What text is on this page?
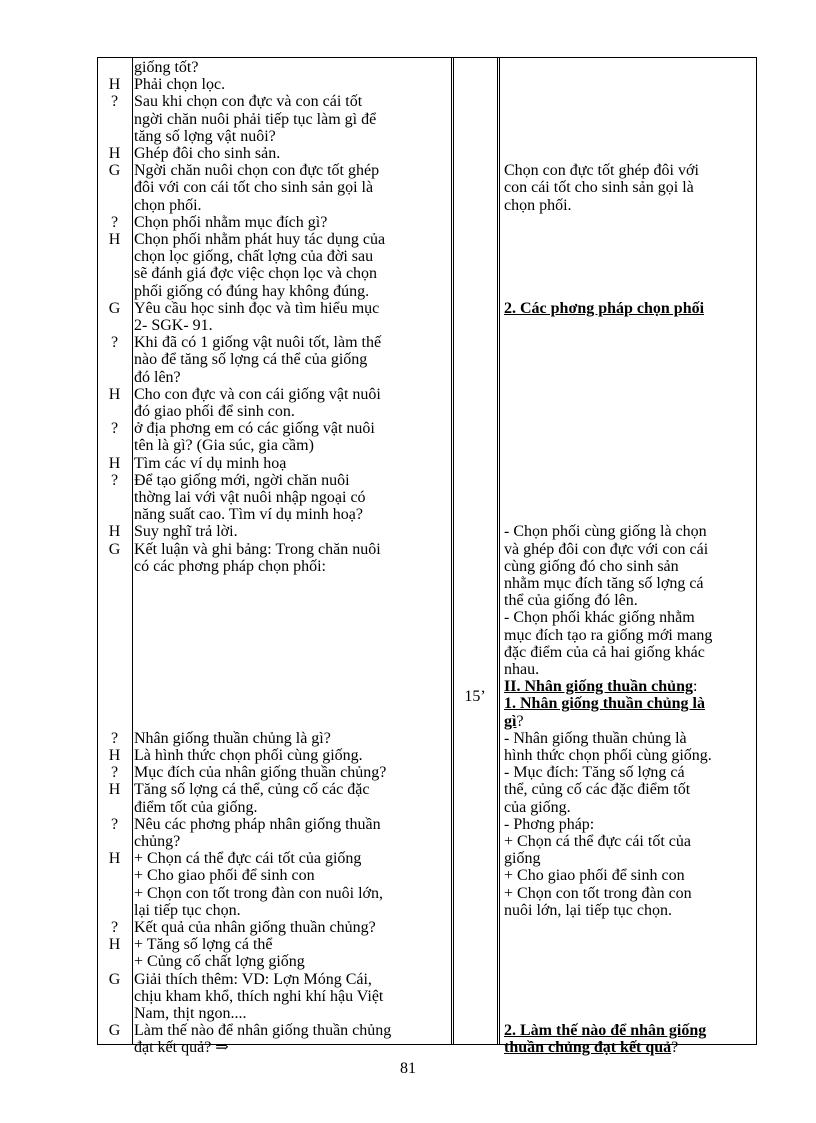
H
?
H
G
?
H
G
?
H
?
H
?
H
G
?
H
?
H
?
H
?
H
G
G
giống tốt?
Phải chọn lọc.
Sau khi chọn con đực và con cái tốt
ngời chăn nuôi phải tiếp tục làm gì để
tăng số lợng vật nuôi?
Ghép đôi cho sinh sản.
Ngời chăn nuôi chọn con đực tốt ghép
đôi với con cái tốt cho sinh sản gọi là
chọn phối.
Chọn phối nhằm mục đích gì?
Chọn phối nhằm phát huy tác dụng của
chọn lọc giống, chất lợng của đời sau
sẽ đánh giá đợc việc chọn lọc và chọn
phối giống có đúng hay không đúng.
Yêu cầu học sinh đọc và tìm hiểu mục
2- SGK- 91.
Khi đã có 1 giống vật nuôi tốt, làm thế
nào để tăng số lợng cá thể của giống
đó lên?
Cho con đực và con cái giống vật nuôi
đó giao phối để sinh con.
ở địa phơng em có các giống vật nuôi
tên là gì? (Gia súc, gia cầm)
Tìm các ví dụ minh hoạ
Để tạo giống mới, ngời chăn nuôi
thờng lai với vật nuôi nhập ngoại có
năng suất cao. Tìm ví dụ minh hoạ?
Suy nghĩ trả lời.
Kết luận và ghi bảng: Trong chăn nuôi
có các phơng pháp chọn phối:
Nhân giống thuần chủng là gì?
Là hình thức chọn phối cùng giống.
Mục đích của nhân giống thuần chủng?
Tăng số lợng cá thể, củng cố các đặc
điểm tốt của giống.
Nêu các phơng pháp nhân giống thuần
chủng?
+ Chọn cá thể đực cái tốt của giống
+ Cho giao phối để sinh con
+ Chọn con tốt trong đàn con nuôi lớn,
lại tiếp tục chọn.
Kết quả của nhân giống thuần chủng?
+ Tăng số lợng cá thể
+ Củng cố chất lợng giống
Giải thích thêm: VD: Lợn Móng Cái,
chịu kham khổ, thích nghi khí hậu Việt
Nam, thịt ngon....
Làm thế nào để nhân giống thuần chủng
đạt kết quả? ⇒
15’
Chọn con đực tốt ghép đôi với
con cái tốt cho sinh sản gọi là
chọn phối.
2. Các phơng pháp chọn phối
- Chọn phối cùng giống là chọn
và ghép đôi con đực với con cái
cùng giống đó cho sinh sản
nhằm mục đích tăng số lợng cá
thể của giống đó lên.
- Chọn phối khác giống nhằm
mục đích tạo ra giống mới mang
đặc điểm của cả hai giống khác
nhau.
II. Nhân giống thuần chủng:
1. Nhân giống thuần chủng là
gì?
- Nhân giống thuần chủng là
hình thức chọn phối cùng giống.
- Mục đích: Tăng số lợng cá
thể, củng cố các đặc điểm tốt
của giống.
- Phơng pháp:
+ Chọn cá thể đực cái tốt của
giống
+ Cho giao phối để sinh con
+ Chọn con tốt trong đàn con
nuôi lớn, lại tiếp tục chọn.
2. Làm thế nào để nhân giống
thuần chủng đạt kết quả?
81
